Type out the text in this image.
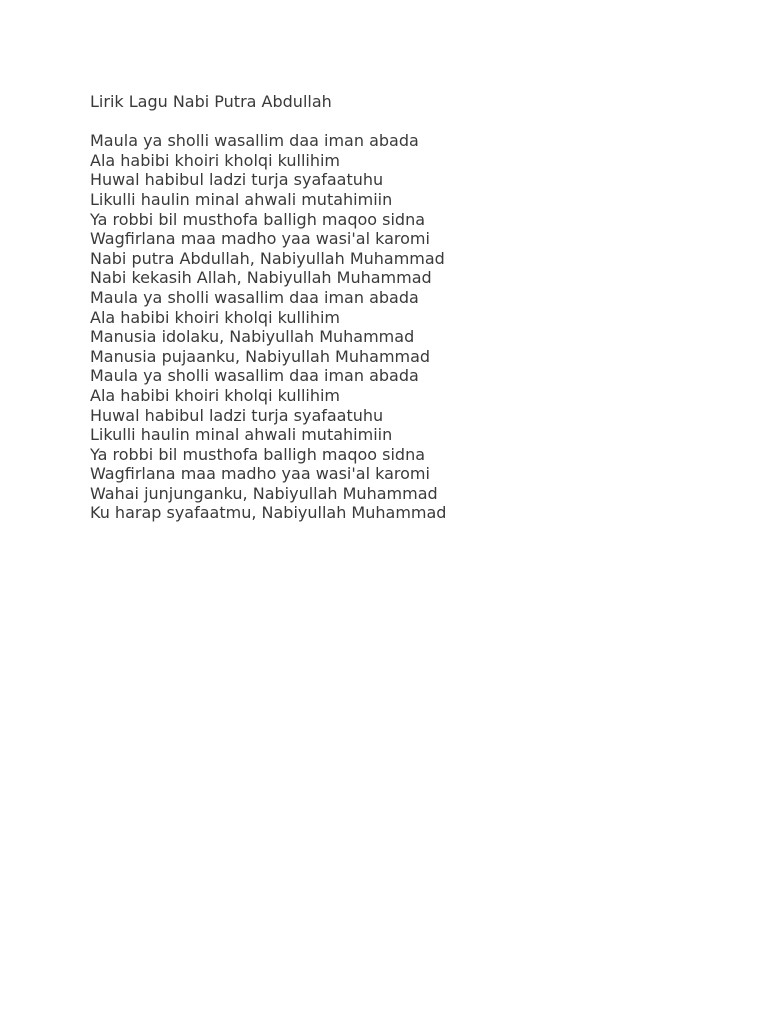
Lirik Lagu Nabi Putra Abdullah
Maula ya sholli wasallim daa iman abada
Ala habibi khoiri kholqi kullihim
Huwal habibul ladzi turja syafaatuhu
Likulli haulin minal ahwali mutahimiin
Ya robbi bil musthofa balligh maqoo sidna
Wagfirlana maa madho yaa wasi'al karomi
Nabi putra Abdullah, Nabiyullah Muhammad
Nabi kekasih Allah, Nabiyullah Muhammad
Maula ya sholli wasallim daa iman abada
Ala habibi khoiri kholqi kullihim
Manusia idolaku, Nabiyullah Muhammad
Manusia pujaanku, Nabiyullah Muhammad
Maula ya sholli wasallim daa iman abada
Ala habibi khoiri kholqi kullihim
Huwal habibul ladzi turja syafaatuhu
Likulli haulin minal ahwali mutahimiin
Ya robbi bil musthofa balligh maqoo sidna
Wagfirlana maa madho yaa wasi'al karomi
Wahai junjunganku, Nabiyullah Muhammad
Ku harap syafaatmu, Nabiyullah Muhammad
